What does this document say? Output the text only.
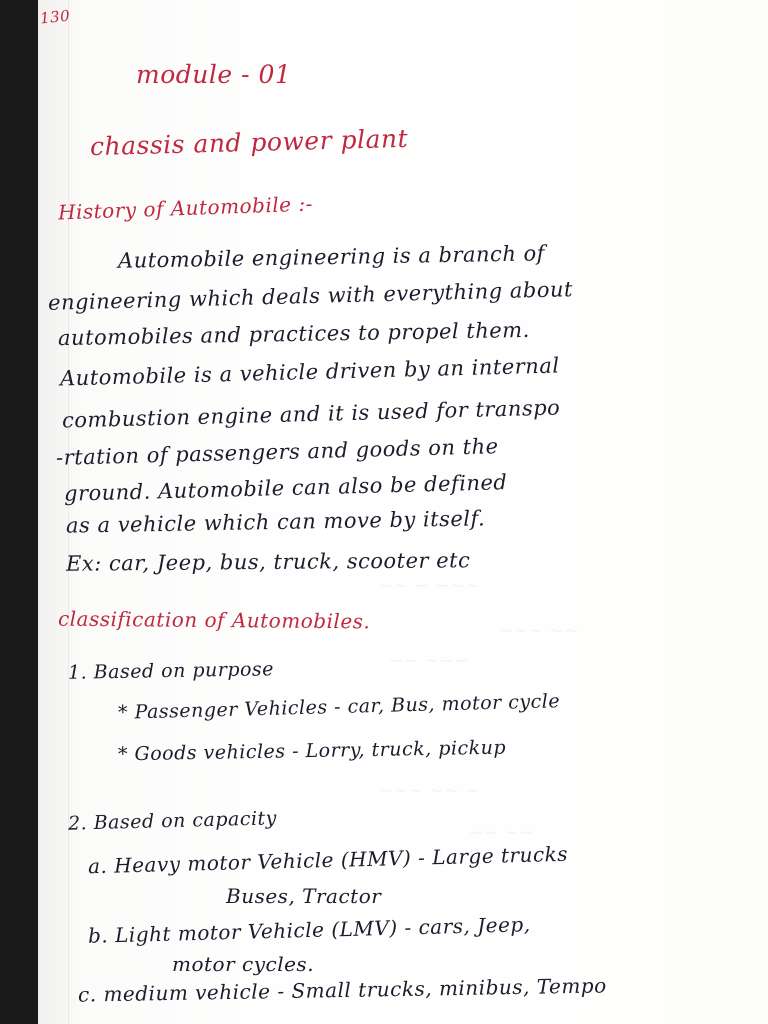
~~ ~ ~~~
~~~ ~~
~~ ~~~
~~~ ~~ ~
~~ ~~
130
module - 01
chassis and power plant
History of Automobile :-
Automobile engineering is a branch of
engineering which deals with everything about
automobiles and practices to propel them.
Automobile is a vehicle driven by an internal
combustion engine and it is used for transpo
-rtation of passengers and goods on the
ground. Automobile can also be defined
as a vehicle which can move by itself.
Ex: car, Jeep, bus, truck, scooter etc
classification of Automobiles.
1. Based on purpose
* Passenger Vehicles - car, Bus, motor cycle
* Goods vehicles - Lorry, truck, pickup
2. Based on capacity
a. Heavy motor Vehicle (HMV) - Large trucks
Buses, Tractor
b. Light motor Vehicle (LMV) - cars, Jeep,
motor cycles.
c. medium vehicle - Small trucks, minibus, Tempo
